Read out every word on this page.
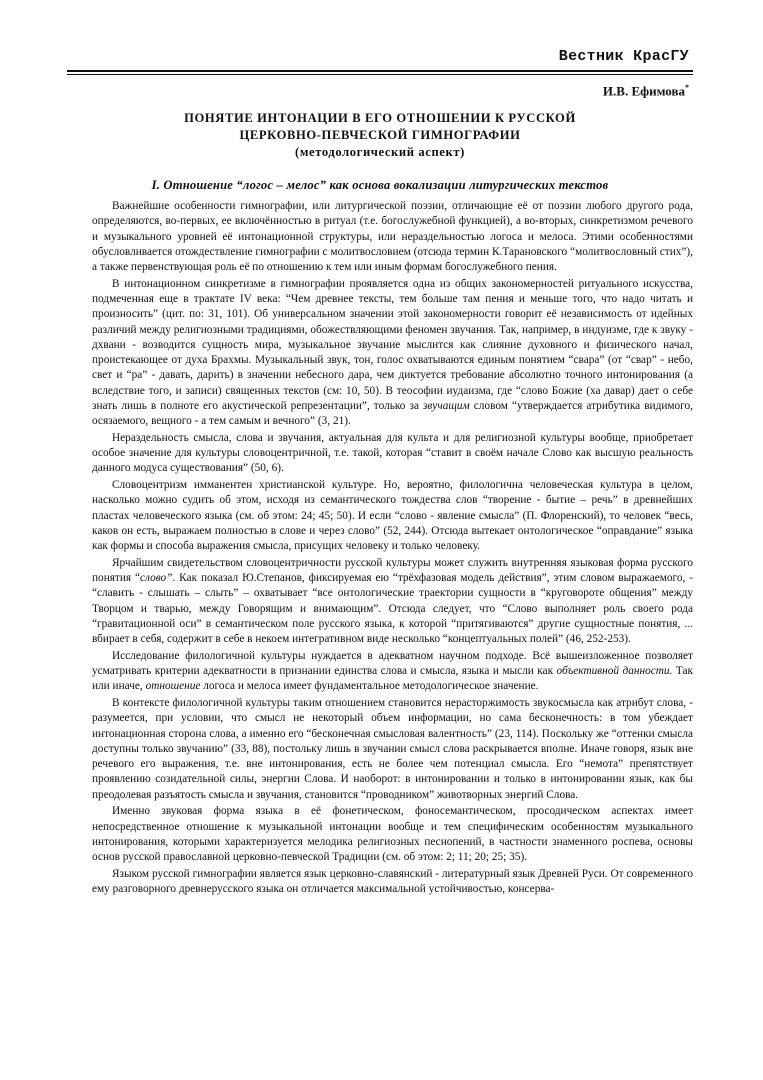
Вестник КрасГУ
И.В. Ефимова*
ПОНЯТИЕ ИНТОНАЦИИ В ЕГО ОТНОШЕНИИ К РУССКОЙ
ЦЕРКОВНО-ПЕВЧЕСКОЙ ГИМНОГРАФИИ
(методологический аспект)
I. Отношение “логос – мелос” как основа вокализации литургических текстов

Важнейшие особенности гимнографии, или литургической поэзии, отличающие её от поэзии любого другого рода, определяются, во-первых, ее включённостью в ритуал (т.е. богослужебной функцией), а во-вторых, синкретизмом речевого и музыкального уровней её интонационной структуры, или нераздельностью логоса и мелоса. Этими особенностями обусловливается отождествление гимнографии с молитвословием (отсюда термин К.Тарановского “молитвословный стих”), а также первенствующая роль её по отношению к тем или иным формам богослужебного пения.

В интонационном синкретизме в гимнографии проявляется одна из общих закономерностей ритуального искусства, подмеченная еще в трактате IV века: “Чем древнее тексты, тем больше там пения и меньше того, что надо читать и произносить” (цит. по: 31, 101). Об универсальном значении этой закономерности говорит её независимость от идейных различий между религиозными традициями, обожествляющими феномен звучания. Так, например, в индуизме, где к звуку - дхвани - возводится сущность мира, музыкальное звучание мыслится как слияние духовного и физического начал, проистекающее от духа Брахмы. Музыкальный звук, тон, голос охватываются единым понятием “свара” (от “свар” - небо, свет и “ра” - давать, дарить) в значении небесного дара, чем диктуется требование абсолютно точного интонирования (а вследствие того, и записи) священных текстов (см: 10, 50). В теософии иудаизма, где “слово Божие (ха давар) дает о себе знать лишь в полноте его акустической репрезентации”, только за звучащим словом “утверждается атрибутика видимого, осязаемого, вещного - а тем самым и вечного” (3, 21).

Нераздельность смысла, слова и звучания, актуальная для культа и для религиозной культуры вообще, приобретает особое значение для культуры словоцентричной, т.е. такой, которая “ставит в своём начале Слово как высшую реальность данного модуса существования” (50, 6).

Словоцентризм имманентен христианской культуре. Но, вероятно, филологична человеческая культура в целом, насколько можно судить об этом, исходя из семантического тождества слов “творение - бытие – речь” в древнейших пластах человеческого языка (см. об этом: 24; 45; 50). И если “слово - явление смысла” (П. Флоренский), то человек “весь, каков он есть, выражаем полностью в слове и через слово” (52, 244). Отсюда вытекает онтологическое “оправдание” языка как формы и способа выражения смысла, присущих человеку и только человеку.

Ярчайшим свидетельством словоцентричности русской культуры может служить внутренняя языковая форма русского понятия “слово”. Как показал Ю.Степанов, фиксируемая ею “трёхфазовая модель действия”, этим словом выражаемого, - “славить - слышать – слыть” – охватывает “все онтологические траектории сущности в “круговороте общения” между Творцом и тварью, между Говорящим и внимающим”. Отсюда следует, что “Слово выполняет роль своего рода “гравитационной оси” в семантическом поле русского языка, к которой “притягиваются” другие сущностные понятия, ... вбирает в себя, содержит в себе в некоем интегративном виде несколько “концептуальных полей” (46, 252-253).

Исследование филологичной культуры нуждается в адекватном научном подходе. Всё вышеизложенное позволяет усматривать критерии адекватности в признании единства слова и смысла, языка и мысли как объективной данности. Так или иначе, отношение логоса и мелоса имеет фундаментальное методологическое значение.

В контексте филологичной культуры таким отношением становится нерасторжимость звукосмысла как атрибут слова, - разумеется, при условии, что смысл не некоторый объем информации, но сама бесконечность: в том убеждает интонационная сторона слова, а именно его “бесконечная смысловая валентность” (23, 114). Поскольку же “оттенки смысла доступны только звучанию” (33, 88), постольку лишь в звучании смысл слова раскрывается вполне. Иначе говоря, язык вне речевого его выражения, т.е. вне интонирования, есть не более чем потенциал смысла. Его “немота” препятствует проявлению созидательной силы, энергии Слова. И наоборот: в интонировании и только в интонировании язык, как бы преодолевая разъятость смысла и звучания, становится “проводником” животворных энергий Слова.

Именно звуковая форма языка в её фонетическом, фоносемантическом, просодическом аспектах имеет непосредственное отношение к музыкальной интонации вообще и тем специфическим особенностям музыкального интонирования, которыми характеризуется мелодика религиозных песнопений, в частности знаменного роспева, основы основ русской православной церковно-певческой Традиции (см. об этом: 2; 11; 20; 25; 35).

Языком русской гимнографии является язык церковно-славянский - литературный язык Древней Руси. От современного ему разговорного древнерусского языка он отличается максимальной устойчивостью, консерва-
